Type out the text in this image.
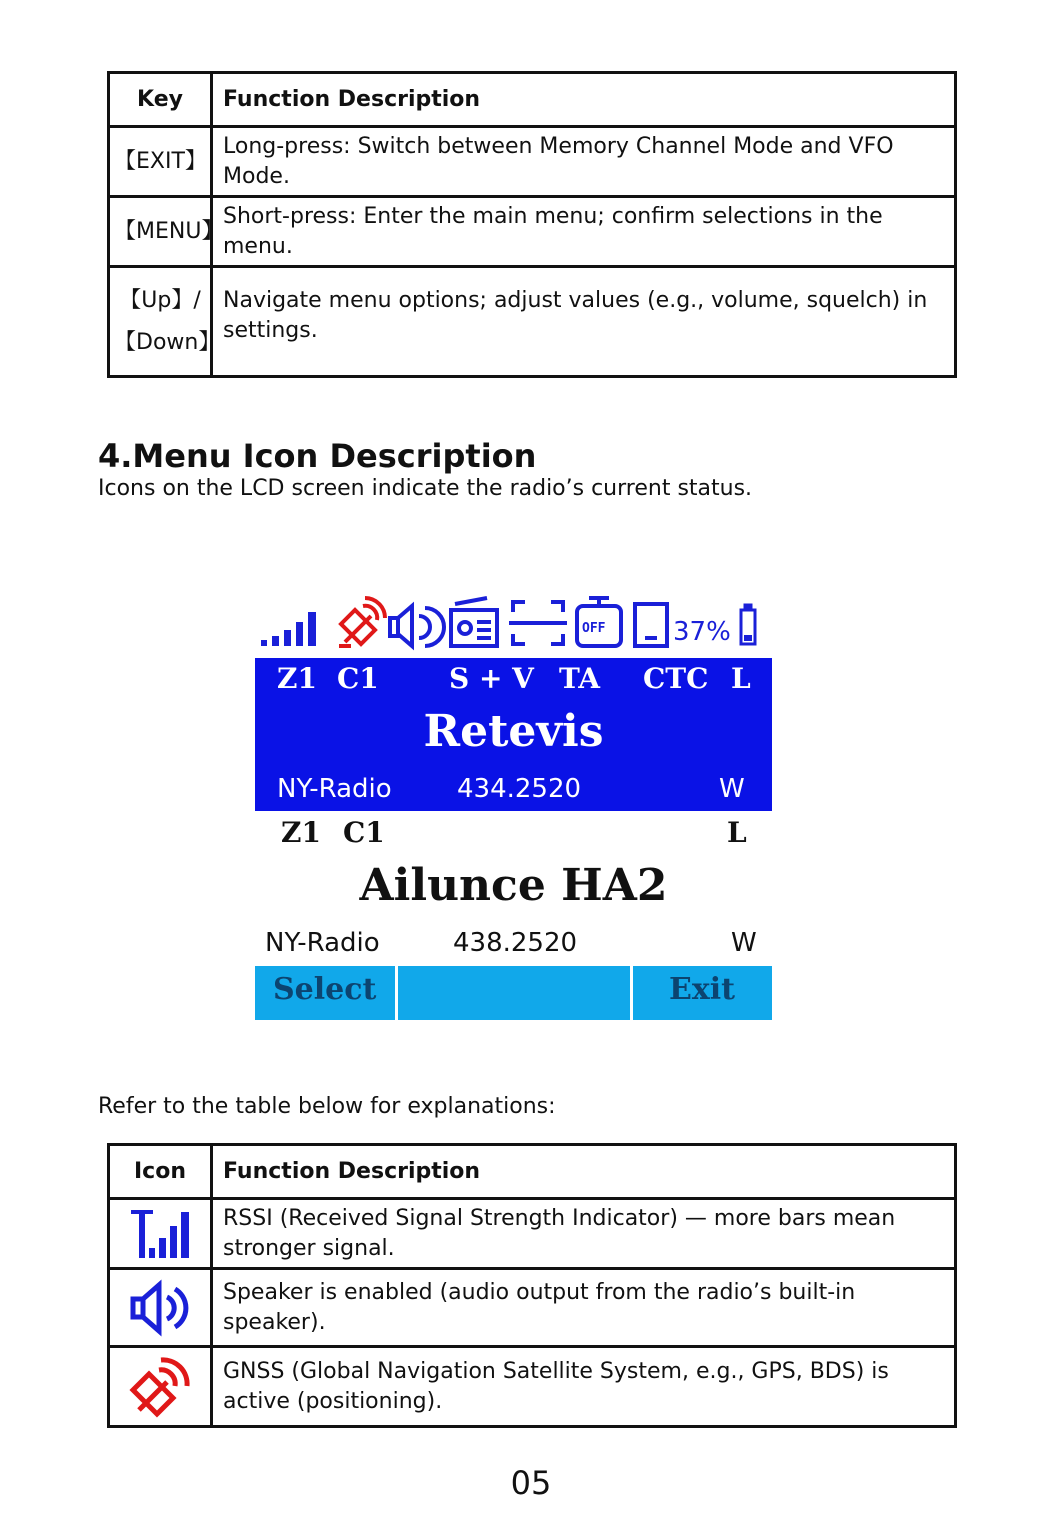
Key	Function Description
【EXIT】	Long-press: Switch between Memory Channel Mode and VFO Mode.
【MENU】	Short-press: Enter the main menu; confirm selections in the menu.

【Up】/
【Down】	Navigate menu options; adjust values (e.g., volume, squelch) in settings.
4.Menu Icon Description
Icons on the LCD screen indicate the radio’s current status.
OFF	37%
Z1 C1	S + V TA CTC L
Retevis
NY-Radio	434.2520	W
Z1 C1	L
Ailunce HA2
NY-Radio	438.2520	W
Select	Exit
Refer to the table below for explanations:
Icon	Function Description

	RSSI (Received Signal Strength Indicator) — more bars mean stronger signal.

	Speaker is enabled (audio output from the radio’s built-in speaker).

	GNSS (Global Navigation Satellite System, e.g., GPS, BDS) is active (positioning).
05
